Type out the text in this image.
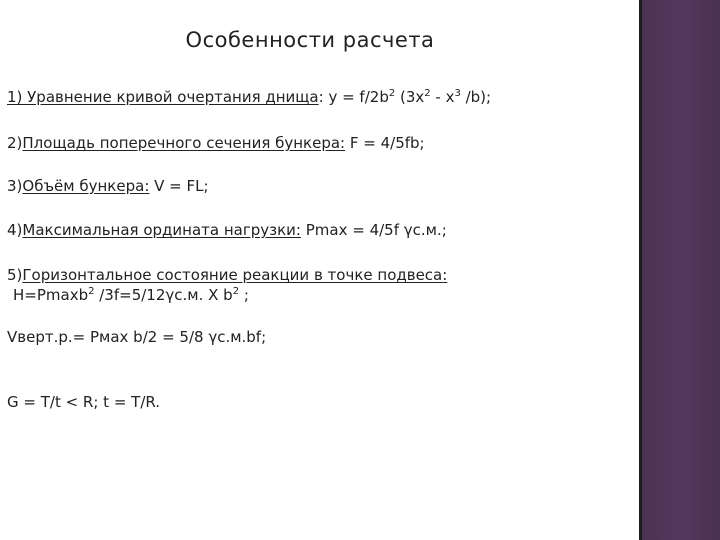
Особенности расчета
1) Уравнение кривой очертания днища: $y = f/2b^2$ ($3x^2 - x^3$ /b);
2)Площадь поперечного сечения бункера: F = 4/5fb;
3)Объём бункера: V = FL;
4)Максимальная ордината нагрузки: Pmax = 4/5f γс.м.;
5)Горизонтальное состояние реакции в точке подвеса:
H=Pmaxb$^2$ /3f=5/12γс.м. Х $b^2$ ;
Vверт.р.= Рмах b/2 = 5/8 γс.м.bf;
G = T/t < R; t = T/R.
